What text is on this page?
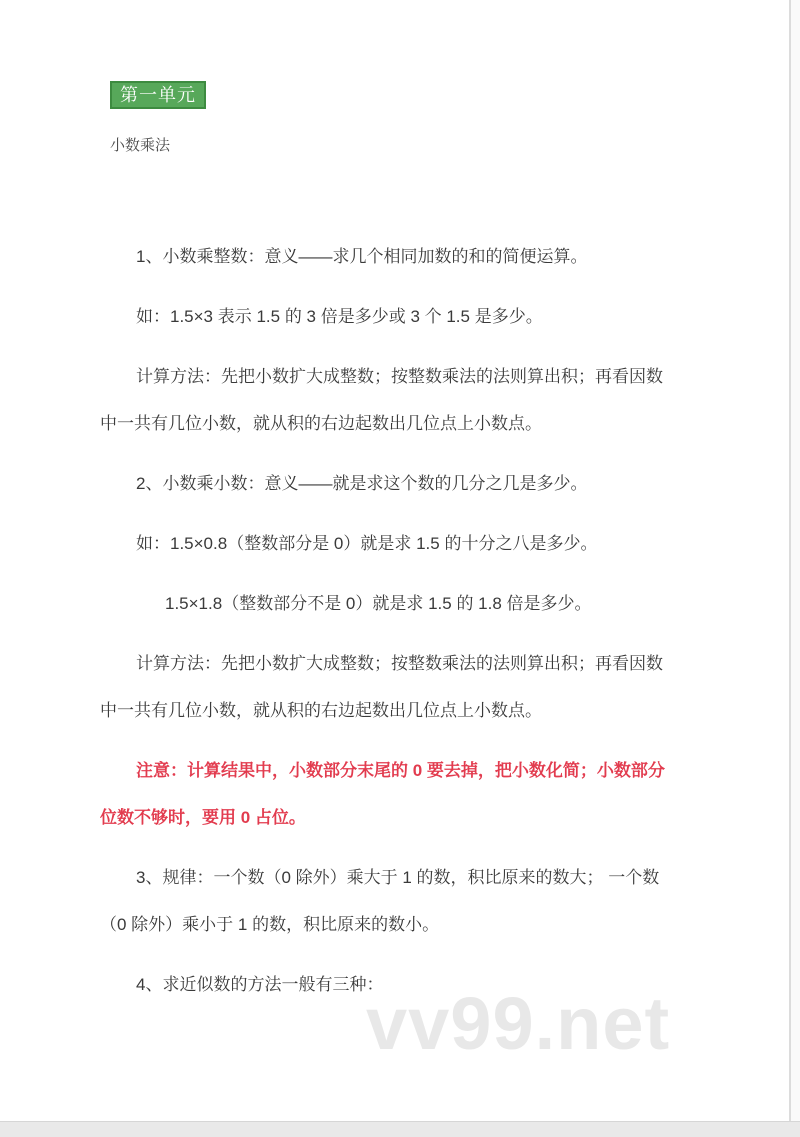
第一单元
小数乘法
1、小数乘整数：意义——求几个相同加数的和的简便运算。
如：1.5×3 表示 1.5 的 3 倍是多少或 3 个 1.5 是多少。
计算方法：先把小数扩大成整数；按整数乘法的法则算出积；再看因数
中一共有几位小数，就从积的右边起数出几位点上小数点。
2、小数乘小数：意义——就是求这个数的几分之几是多少。
如：1.5×0.8（整数部分是 0）就是求 1.5 的十分之八是多少。
1.5×1.8（整数部分不是 0）就是求 1.5 的 1.8 倍是多少。
计算方法：先把小数扩大成整数；按整数乘法的法则算出积；再看因数
中一共有几位小数，就从积的右边起数出几位点上小数点。
注意：计算结果中，小数部分末尾的 0 要去掉，把小数化简；小数部分
位数不够时，要用 0 占位。
3、规律：一个数（0 除外）乘大于 1 的数，积比原来的数大； 一个数
（0 除外）乘小于 1 的数，积比原来的数小。
4、求近似数的方法一般有三种：
vv99.net
